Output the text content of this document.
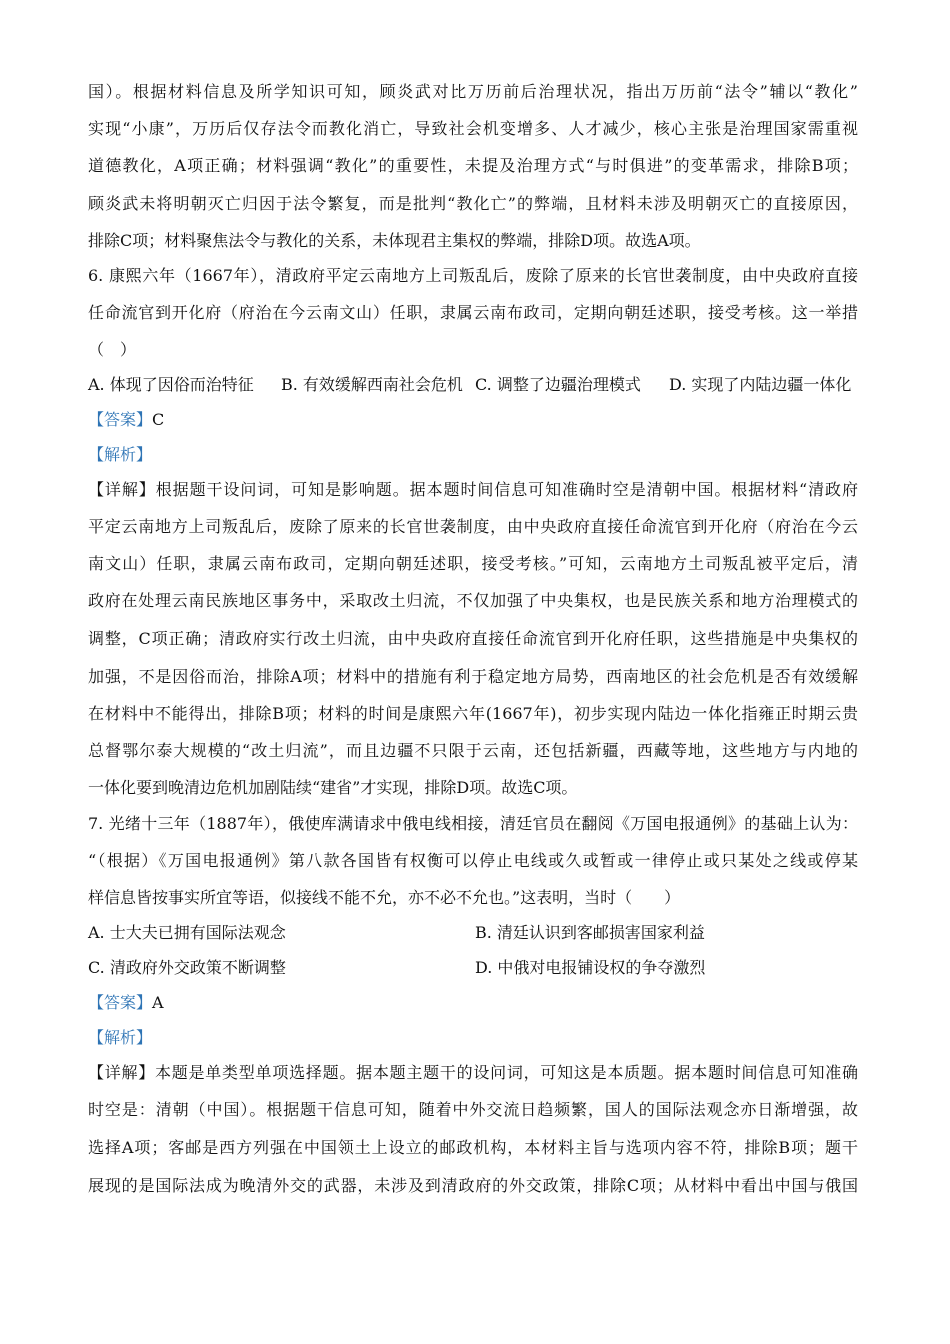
国）。根据材料信息及所学知识可知，顾炎武对比万历前后治理状况，指出万历前“法令”辅以“教化”
实现“小康”，万历后仅存法令而教化消亡，导致社会机变增多、人才减少，核心主张是治理国家需重视
道德教化，A项正确；材料强调“教化”的重要性，未提及治理方式“与时俱进”的变革需求，排除B项；
顾炎武未将明朝灭亡归因于法令繁复，而是批判“教化亡”的弊端，且材料未涉及明朝灭亡的直接原因，
排除C项；材料聚焦法令与教化的关系，未体现君主集权的弊端，排除D项。故选A项。
6. 康熙六年（1667年），清政府平定云南地方上司叛乱后，废除了原来的长官世袭制度，由中央政府直接
任命流官到开化府（府治在今云南文山）任职，隶属云南布政司，定期向朝廷述职，接受考核。这一举措
（　）
A. 体现了因俗而治特征 B. 有效缓解西南社会危机 C. 调整了边疆治理模式 D. 实现了内陆边疆一体化
【答案】C
【解析】
【详解】根据题干设问词，可知是影响题。据本题时间信息可知准确时空是清朝中国。根据材料“清政府
平定云南地方上司叛乱后，废除了原来的长官世袭制度，由中央政府直接任命流官到开化府（府治在今云
南文山）任职，隶属云南布政司，定期向朝廷述职，接受考核。”可知，云南地方土司叛乱被平定后，清
政府在处理云南民族地区事务中，采取改土归流，不仅加强了中央集权，也是民族关系和地方治理模式的
调整，C项正确；清政府实行改土归流，由中央政府直接任命流官到开化府任职，这些措施是中央集权的
加强，不是因俗而治，排除A项；材料中的措施有利于稳定地方局势，西南地区的社会危机是否有效缓解
在材料中不能得出，排除B项；材料的时间是康熙六年(1667年)，初步实现内陆边一体化指雍正时期云贵
总督鄂尔泰大规模的“改土归流”，而且边疆不只限于云南，还包括新疆，西藏等地，这些地方与内地的
一体化要到晚清边危机加剧陆续“建省”才实现，排除D项。故选C项。
7. 光绪十三年（1887年），俄使库满请求中俄电线相接，清廷官员在翻阅《万国电报通例》的基础上认为：
“（根据）《万国电报通例》第八款各国皆有权衡可以停止电线或久或暂或一律停止或只某处之线或停某
样信息皆按事实所宜等语，似接线不能不允，亦不必不允也。”这表明，当时（　　）
A. 士大夫已拥有国际法观念	B. 清廷认识到客邮损害国家利益
C. 清政府外交政策不断调整	D. 中俄对电报铺设权的争夺激烈
【答案】A
【解析】
【详解】本题是单类型单项选择题。据本题主题干的设问词，可知这是本质题。据本题时间信息可知准确
时空是：清朝（中国）。根据题干信息可知，随着中外交流日趋频繁，国人的国际法观念亦日渐增强，故
选择A项；客邮是西方列强在中国领土上设立的邮政机构，本材料主旨与选项内容不符，排除B项；题干
展现的是国际法成为晚清外交的武器，未涉及到清政府的外交政策，排除C项；从材料中看出中国与俄国
